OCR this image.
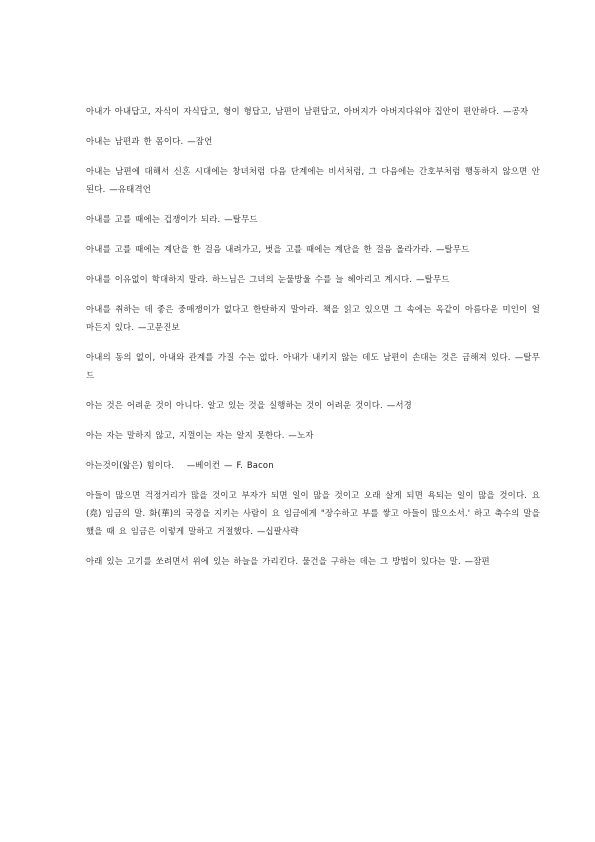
아내가 아내답고, 자식이 자식답고, 형이 형답고, 남편이 남편답고, 아버지가 아버지다워야 집안이 편안하다. —공자

아내는 남편과 한 몸이다. —잠언

아내는 남편에 대해서 신혼 시대에는 창녀처럼 다음 단계에는 비서처럼, 그 다음에는 간호부처럼 행동하지 않으면 안 된다. —유태격언

아내를 고를 때에는 겁쟁이가 되라. —탈무드

아내를 고를 때에는 계단을 한 걸음 내려가고, 벗을 고를 때에는 계단을 한 걸음 올라가라. —탈무드

아내를 이유없이 학대하지 말라. 하느님은 그녀의 눈물방울 수를 늘 헤아리고 계시다. —탈무드

아내를 취하는 데 좋은 중매쟁이가 없다고 한탄하지 말아라. 책을 읽고 있으면 그 속에는 옥같이 아름다운 미인이 얼마든지 있다. —고문진보

아내의 동의 없이, 아내와 관계를 가질 수는 없다. 아내가 내키지 않는 데도 남편이 손대는 것은 금해져 있다. —탈무드

아는 것은 어려운 것이 아니다. 알고 있는 것을 실행하는 것이 어려운 것이다. —서경

아는 자는 말하지 않고, 지껄이는 자는 알지 못한다. —노자

아는것이(앎은) 힘이다.　 —베이컨 — F. Bacon

아들이 많으면 걱정거리가 많을 것이고 부자가 되면 일이 많을 것이고 오래 살게 되면 욕되는 일이 많을 것이다. 요(堯) 임금의 말. 화(華)의 국경을 지키는 사람이 요 임금에게 "장수하고 부를 쌓고 아들이 많으소서.' 하고 축수의 말을 했을 때 요 임금은 이렇게 말하고 거절했다. —십팔사략

아래 있는 고기를 쏘려면서 위에 있는 하늘을 가리킨다. 물건을 구하는 데는 그 방법이 있다는 말. —잠편
